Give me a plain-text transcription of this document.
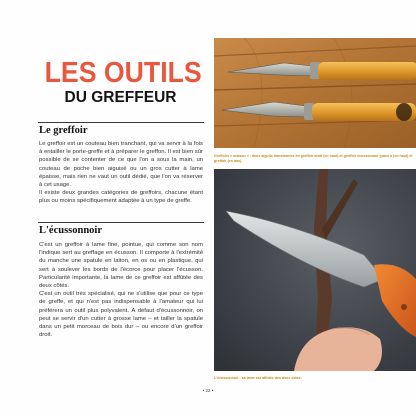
LES OUTILS
DU GREFFEUR
Le greffoir

Le greffoir est un couteau bien tranchant, qui va servir à la fois à entailler le porte-greffe et à préparer le greffon. Il est bien sûr possible de se contenter de ce que l'on a sous la main, un couteau de poche bien aiguisé ou un gros cutter à lame épaisse, mais rien ne vaut un outil dédié, que l'on va réserver à cet usage.

Il existe deux grandes catégories de greffoirs, chacune étant plus ou moins spécifiquement adaptée à un type de greffe.

L'écussonnoir

C'est un greffoir à lame fine, pointue, qui comme son nom l'indique sert au greffage en écusson. Il comporte à l'extrémité du manche une spatule en laiton, en os ou en plastique, qui sert à soulever les bords de l'écorce pour placer l'écusson. Particularité importante, la lame de ce greffoir est affûtée des deux côtés.

C'est un outil très spécialisé, qui ne s'utilise que pour ce type de greffe, et qui n'est pas indispensable à l'amateur qui lui préférera un outil plus polyvalent. À défaut d'écussonnoir, on peut se servir d'un cutter à grosse lame – et tailler la spatule dans un petit morceau de bois dur – ou encore d'un greffoir droit.

Greffoirs « maison » : deux aiguils transformés en greffoir droit (en haut) et greffoir écussonnoir grâce à (en haut) et greffoir (en bas).
L'écussonnoir : sa lame est affûtée des deux côtés.
• 22 •
